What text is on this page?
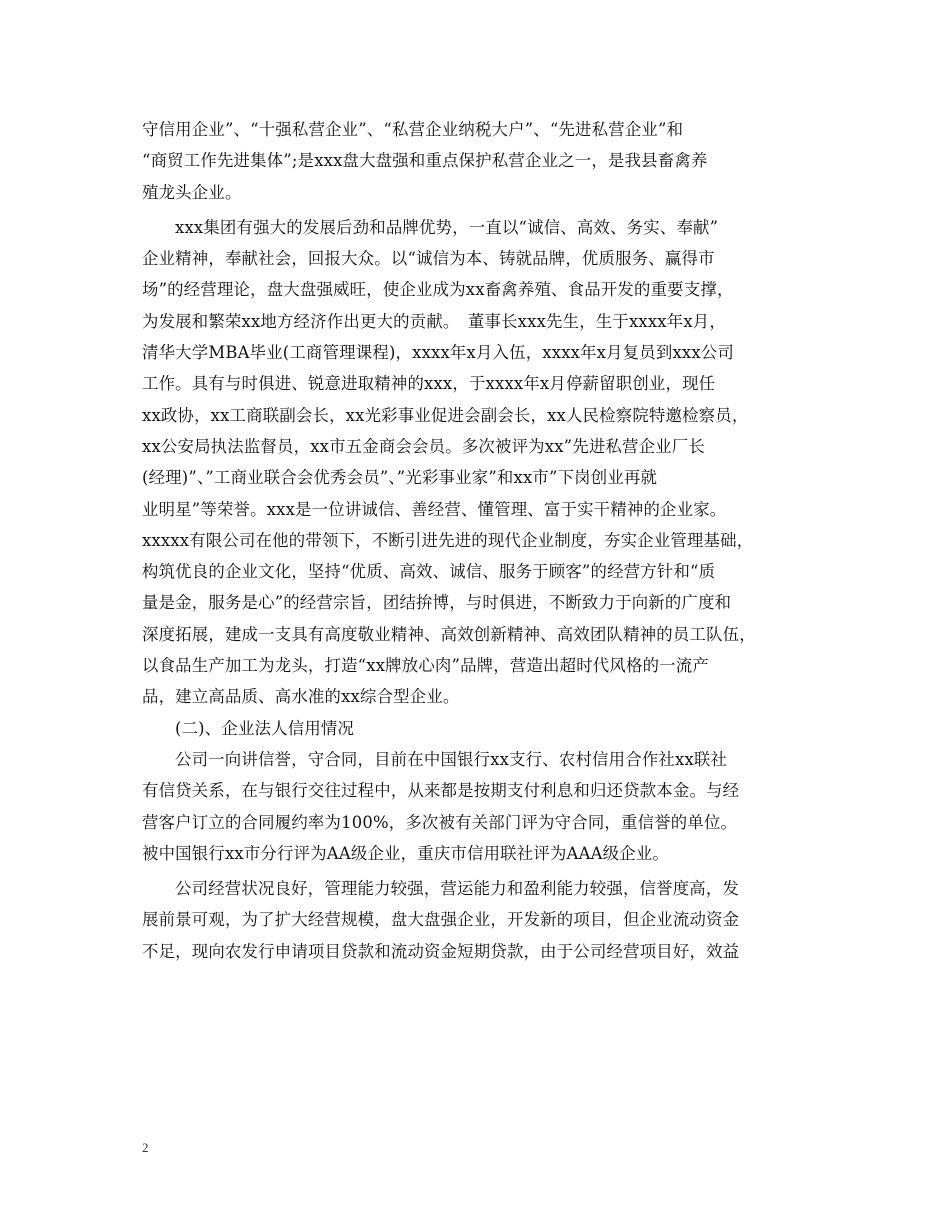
守信用企业”、“十强私营企业”、“私营企业纳税大户”、“先进私营企业”和
“商贸工作先进集体”;是xxx盘大盘强和重点保护私营企业之一，是我县畜禽养
殖龙头企业。
xxx集团有强大的发展后劲和品牌优势，一直以“诚信、高效、务实、奉献”
企业精神，奉献社会，回报大众。以“诚信为本、铸就品牌，优质服务、赢得市
场”的经营理论，盘大盘强威旺，使企业成为xx畜禽养殖、食品开发的重要支撑，
为发展和繁荣xx地方经济作出更大的贡献。　董事长xxx先生，生于xxxx年x月，
清华大学MBA毕业(工商管理课程)，xxxx年x月入伍，xxxx年x月复员到xxx公司
工作。具有与时俱进、锐意进取精神的xxx，于xxxx年x月停薪留职创业，现任
xx政协，xx工商联副会长，xx光彩事业促进会副会长，xx人民检察院特邀检察员，
xx公安局执法监督员，xx市五金商会会员。多次被评为xx”先进私营企业厂长
(经理)”、”工商业联合会优秀会员”、”光彩事业家”和xx市”下岗创业再就
业明星”等荣誉。xxx是一位讲诚信、善经营、懂管理、富于实干精神的企业家。
xxxxx有限公司在他的带领下，不断引进先进的现代企业制度，夯实企业管理基础，
构筑优良的企业文化，坚持“优质、高效、诚信、服务于顾客”的经营方针和“质
量是金，服务是心”的经营宗旨，团结拚博，与时俱进，不断致力于向新的广度和
深度拓展，建成一支具有高度敬业精神、高效创新精神、高效团队精神的员工队伍，
以食品生产加工为龙头，打造“xx牌放心肉”品牌，营造出超时代风格的一流产
品，建立高品质、高水准的xx综合型企业。
(二)、企业法人信用情况
公司一向讲信誉，守合同，目前在中国银行xx支行、农村信用合作社xx联社
有信贷关系，在与银行交往过程中，从来都是按期支付利息和归还贷款本金。与经
营客户订立的合同履约率为100%，多次被有关部门评为守合同，重信誉的单位。
被中国银行xx市分行评为AA级企业，重庆市信用联社评为AAA级企业。
公司经营状况良好，管理能力较强，营运能力和盈利能力较强，信誉度高，发
展前景可观，为了扩大经营规模，盘大盘强企业，开发新的项目，但企业流动资金
不足，现向农发行申请项目贷款和流动资金短期贷款，由于公司经营项目好，效益
2
